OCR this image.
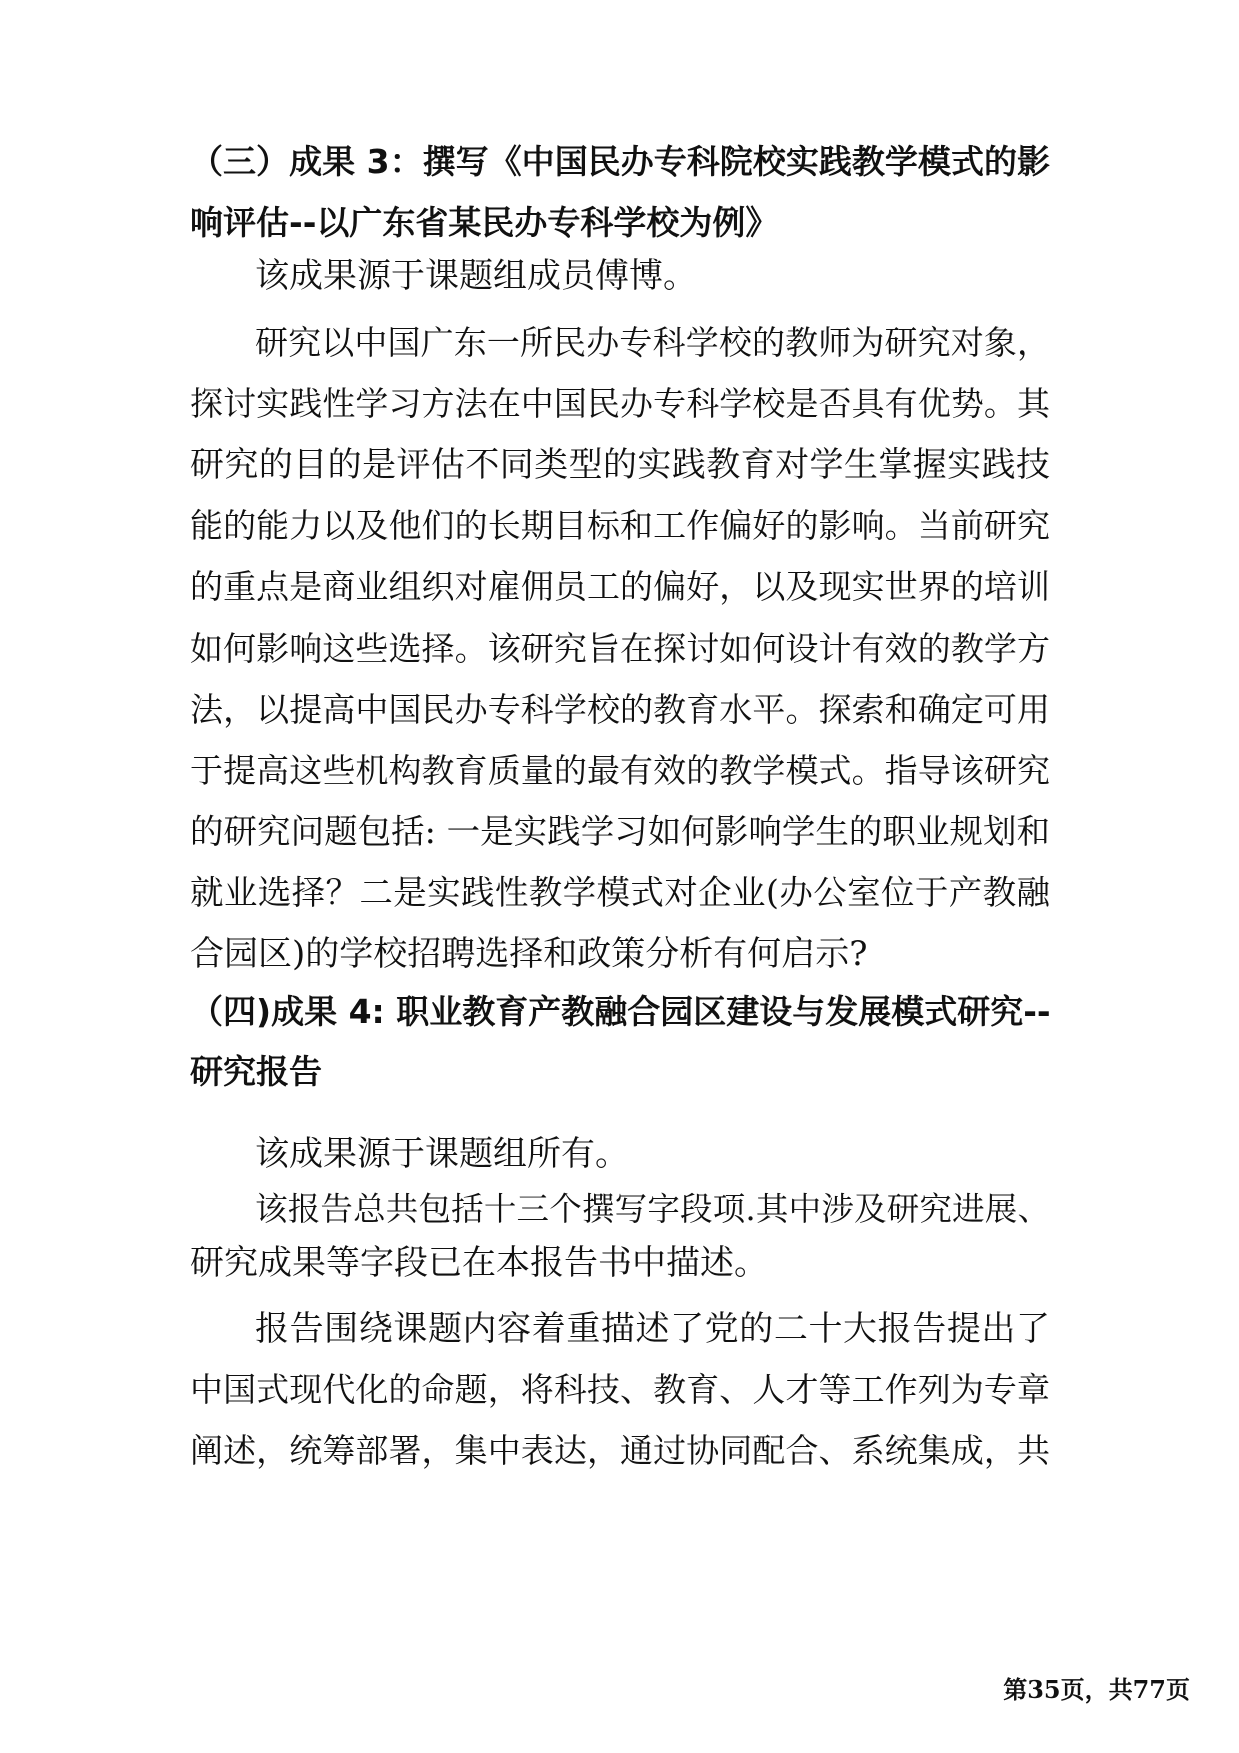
（三）成果 3：撰写《中国民办专科院校实践教学模式的影
响评估--以广东省某民办专科学校为例》
该成果源于课题组成员傅博。
研究以中国广东一所民办专科学校的教师为研究对象，
探讨实践性学习方法在中国民办专科学校是否具有优势。其
研究的目的是评估不同类型的实践教育对学生掌握实践技
能的能力以及他们的长期目标和工作偏好的影响。当前研究
的重点是商业组织对雇佣员工的偏好，以及现实世界的培训
如何影响这些选择。该研究旨在探讨如何设计有效的教学方
法，以提高中国民办专科学校的教育水平。探索和确定可用
于提高这些机构教育质量的最有效的教学模式。指导该研究
的研究问题包括: 一是实践学习如何影响学生的职业规划和
就业选择？二是实践性教学模式对企业(办公室位于产教融
合园区)的学校招聘选择和政策分析有何启示?
（四)成果 4: 职业教育产教融合园区建设与发展模式研究--
研究报告
该成果源于课题组所有。
该报告总共包括十三个撰写字段项.其中涉及研究进展、
研究成果等字段已在本报告书中描述。
报告围绕课题内容着重描述了党的二十大报告提出了
中国式现代化的命题，将科技、教育、人才等工作列为专章
阐述，统筹部署，集中表达，通过协同配合、系统集成，共
第35页，共77页
